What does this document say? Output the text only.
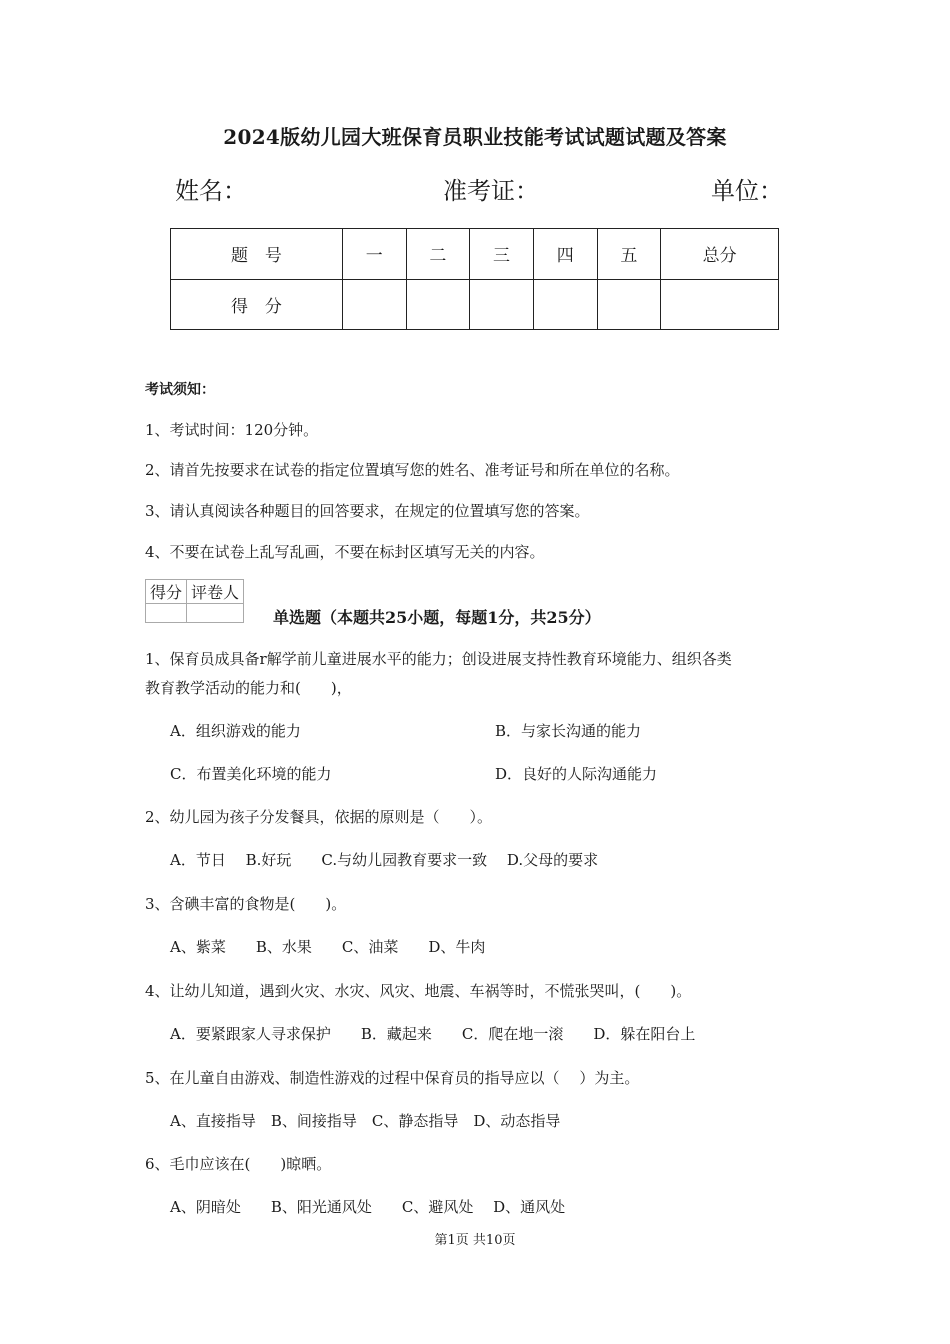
2024版幼儿园大班保育员职业技能考试试题试题及答案
姓名：	准考证：	单位：
题　号	一	二	三	四	五	总分
得　分						
考试须知：
1、考试时间：120分钟。
2、请首先按要求在试卷的指定位置填写您的姓名、准考证号和所在单位的名称。
3、请认真阅读各种题目的回答要求，在规定的位置填写您的答案。
4、不要在试卷上乱写乱画，不要在标封区填写无关的内容。
得分	评卷人

单选题（本题共25小题，每题1分，共25分）
1、保育员成具备r解学前儿童进展水平的能力；创设进展支持性教育环境能力、组织各类
教育教学活动的能力和(　　)，
A．组织游戏的能力	B．与家长沟通的能力
C．布置美化环境的能力	D．良好的人际沟通能力
2、幼儿园为孩子分发餐具，依据的原则是（　　）。
A．节日　 B.好玩　　C.与幼儿园教育要求一致　 D.父母的要求
3、含碘丰富的食物是(　　)。
A、紫菜　　B、水果　　C、油菜　　D、牛肉
4、让幼儿知道，遇到火灾、水灾、风灾、地震、车祸等时，不慌张哭叫，(　　)。
A．要紧跟家人寻求保护　　B．藏起来　　C．爬在地一滚　　D．躲在阳台上
5、在儿童自由游戏、制造性游戏的过程中保育员的指导应以（　 ）为主。
A、直接指导　B、间接指导　C、静态指导　D、动态指导
6、毛巾应该在(　　)晾晒。
A、阴暗处　　B、阳光通风处　　C、避风处　 D、通风处
第1页 共10页
